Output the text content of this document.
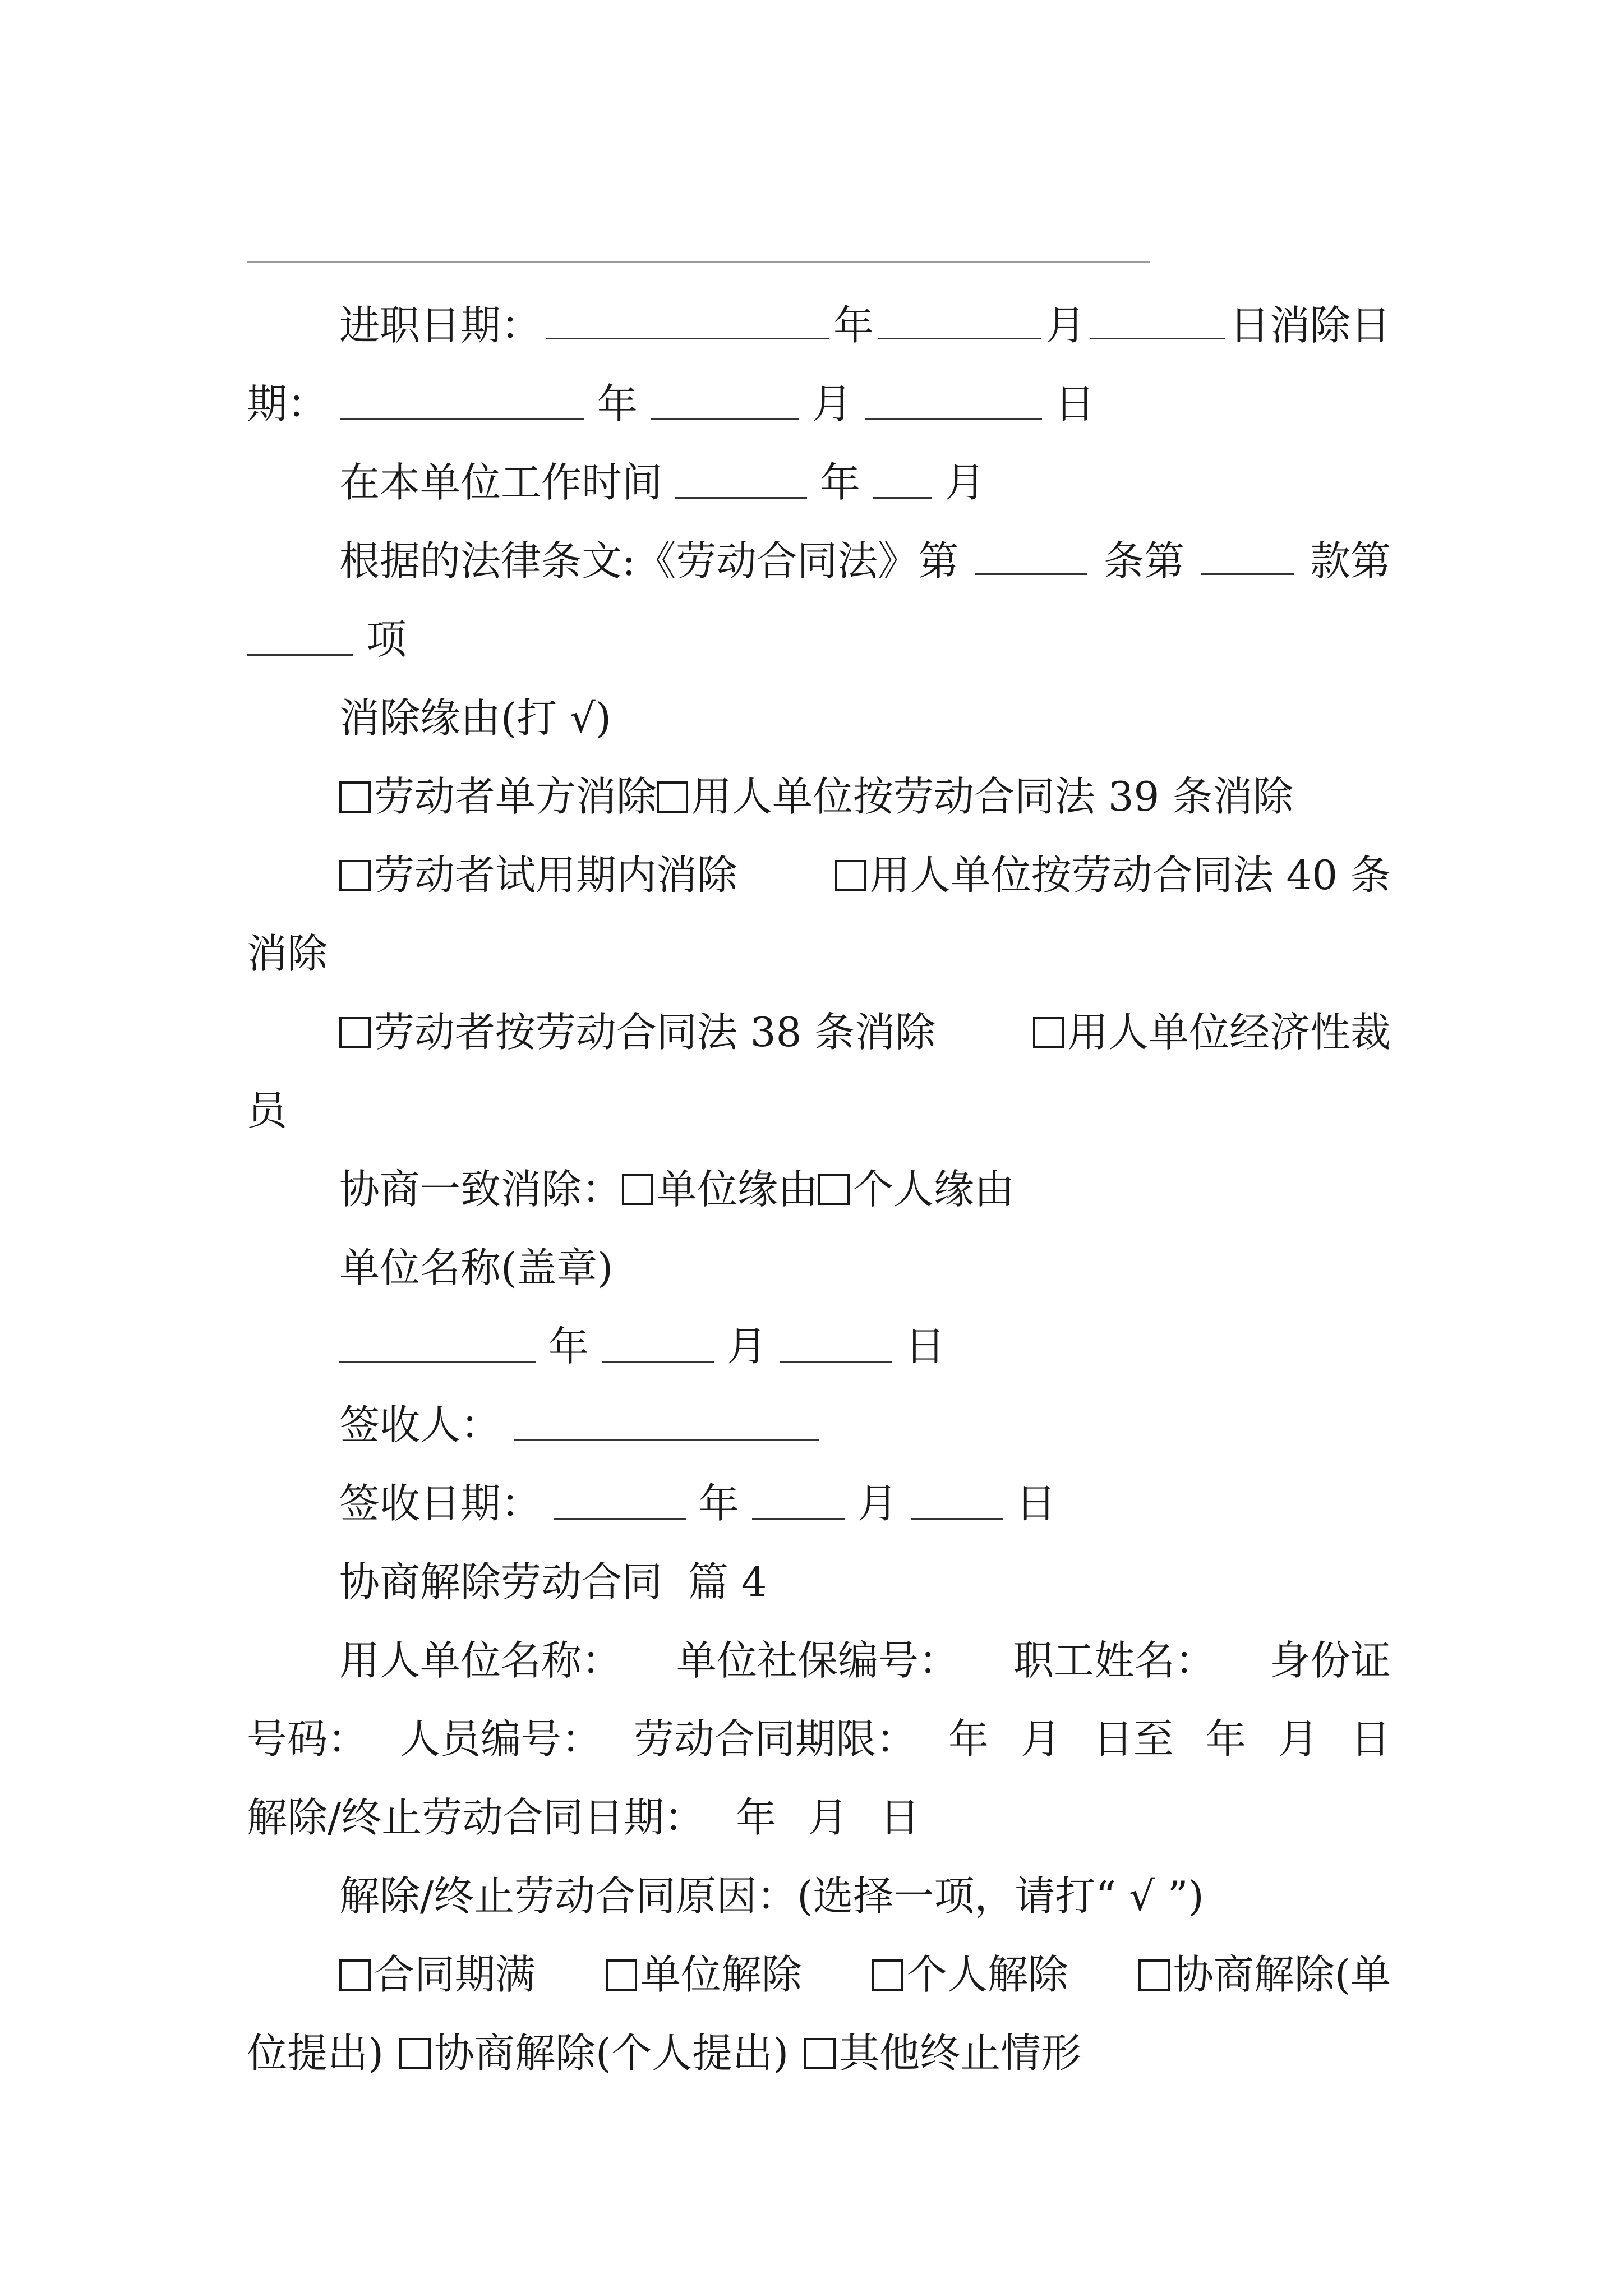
进职日期：	年	月	日消除日
期：	年	月	日
在本单位工作时间	年 月
根据的法律条文:《劳动合同法》第	条第	款第
项
消除缘由(打 √)
劳动者单方消除 用人单位按劳动合同法 39 条消除
劳动者试用期内消除	用人单位按劳动合同法 40 条
消除
劳动者按劳动合同法 38 条消除	用人单位经济性裁
员
协商一致消除： 单位缘由 个人缘由
单位名称(盖章)
年	月	日
签收人：
签收日期：	年	月	日
协商解除劳动合同  篇 4
用人单位名称： 单位社保编号： 职工姓名： 身份证
号码： 人员编号： 劳动合同期限： 年 月 日至 年 月 日
解除/终止劳动合同日期： 年 月 日
解除/终止劳动合同原因：(选择一项，请打“ √ ”)
合同期满	单位解除	个人解除	协商解除(单
位提出) 协商解除(个人提出) 其他终止情形
